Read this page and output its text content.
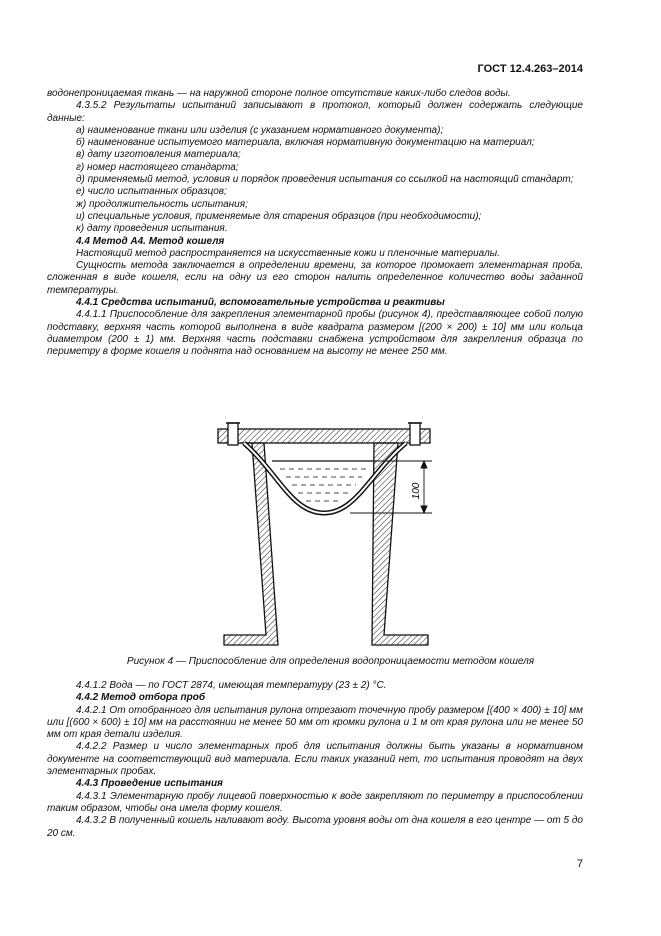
ГОСТ 12.4.263–2014

водонепроницаемая ткань — на наружной стороне полное отсутствие каких-либо следов воды.

4.3.5.2 Результаты испытаний записывают в протокол, который должен содержать следующие данные:

а) наименование ткани или изделия (с указанием нормативного документа);

б) наименование испытуемого материала, включая нормативную документацию на материал;

в) дату изготовления материала;

г) номер настоящего стандарта;

д) применяемый метод, условия и порядок проведения испытания со ссылкой на настоящий стандарт;

е) число испытанных образцов;

ж) продолжительность испытания;

и) специальные условия, применяемые для старения образцов (при необходимости);

к) дату проведения испытания.

4.4 Метод А4. Метод кошеля

Настоящий метод распространяется на искусственные кожи и пленочные материалы.

Сущность метода заключается в определении времени, за которое промокает элементарная проба, сложенная в виде кошеля, если на одну из его сторон налить определенное количество воды заданной температуры.

4.4.1 Средства испытаний, вспомогательные устройства и реактивы

4.4.1.1 Приспособление для закрепления элементарной пробы (рисунок 4), представляющее собой полую подставку, верхняя часть которой выполнена в виде квадрата размером [(200 × 200) ± 10] мм или кольца диаметром (200 ± 1) мм. Верхняя часть подставки снабжена устройством для закрепления образца по периметру в форме кошеля и поднята над основанием на высоту не менее 250 мм.

100
Рисунок 4 — Приспособление для определения водопроницаемости методом кошеля

4.4.1.2 Вода — по ГОСТ 2874, имеющая температуру (23 ± 2) °С.

4.4.2 Метод отбора проб

4.4.2.1 От отобранного для испытания рулона отрезают точечную пробу размером [(400 × 400) ± 10] мм или [(600 × 600) ± 10] мм на расстоянии не менее 50 мм от кромки рулона и 1 м от края рулона или не менее 50 мм от края детали изделия.

4.4.2.2 Размер и число элементарных проб для испытания должны быть указаны в нормативном документе на соответствующий вид материала. Если таких указаний нет, то испытания проводят на двух элементарных пробах.

4.4.3 Проведение испытания

4.4.3.1 Элементарную пробу лицевой поверхностью к воде закрепляют по периметру в приспособлении таким образом, чтобы она имела форму кошеля.

4.4.3.2 В полученный кошель наливают воду. Высота уровня воды от дна кошеля в его центре — от 5 до 20 см.

7
